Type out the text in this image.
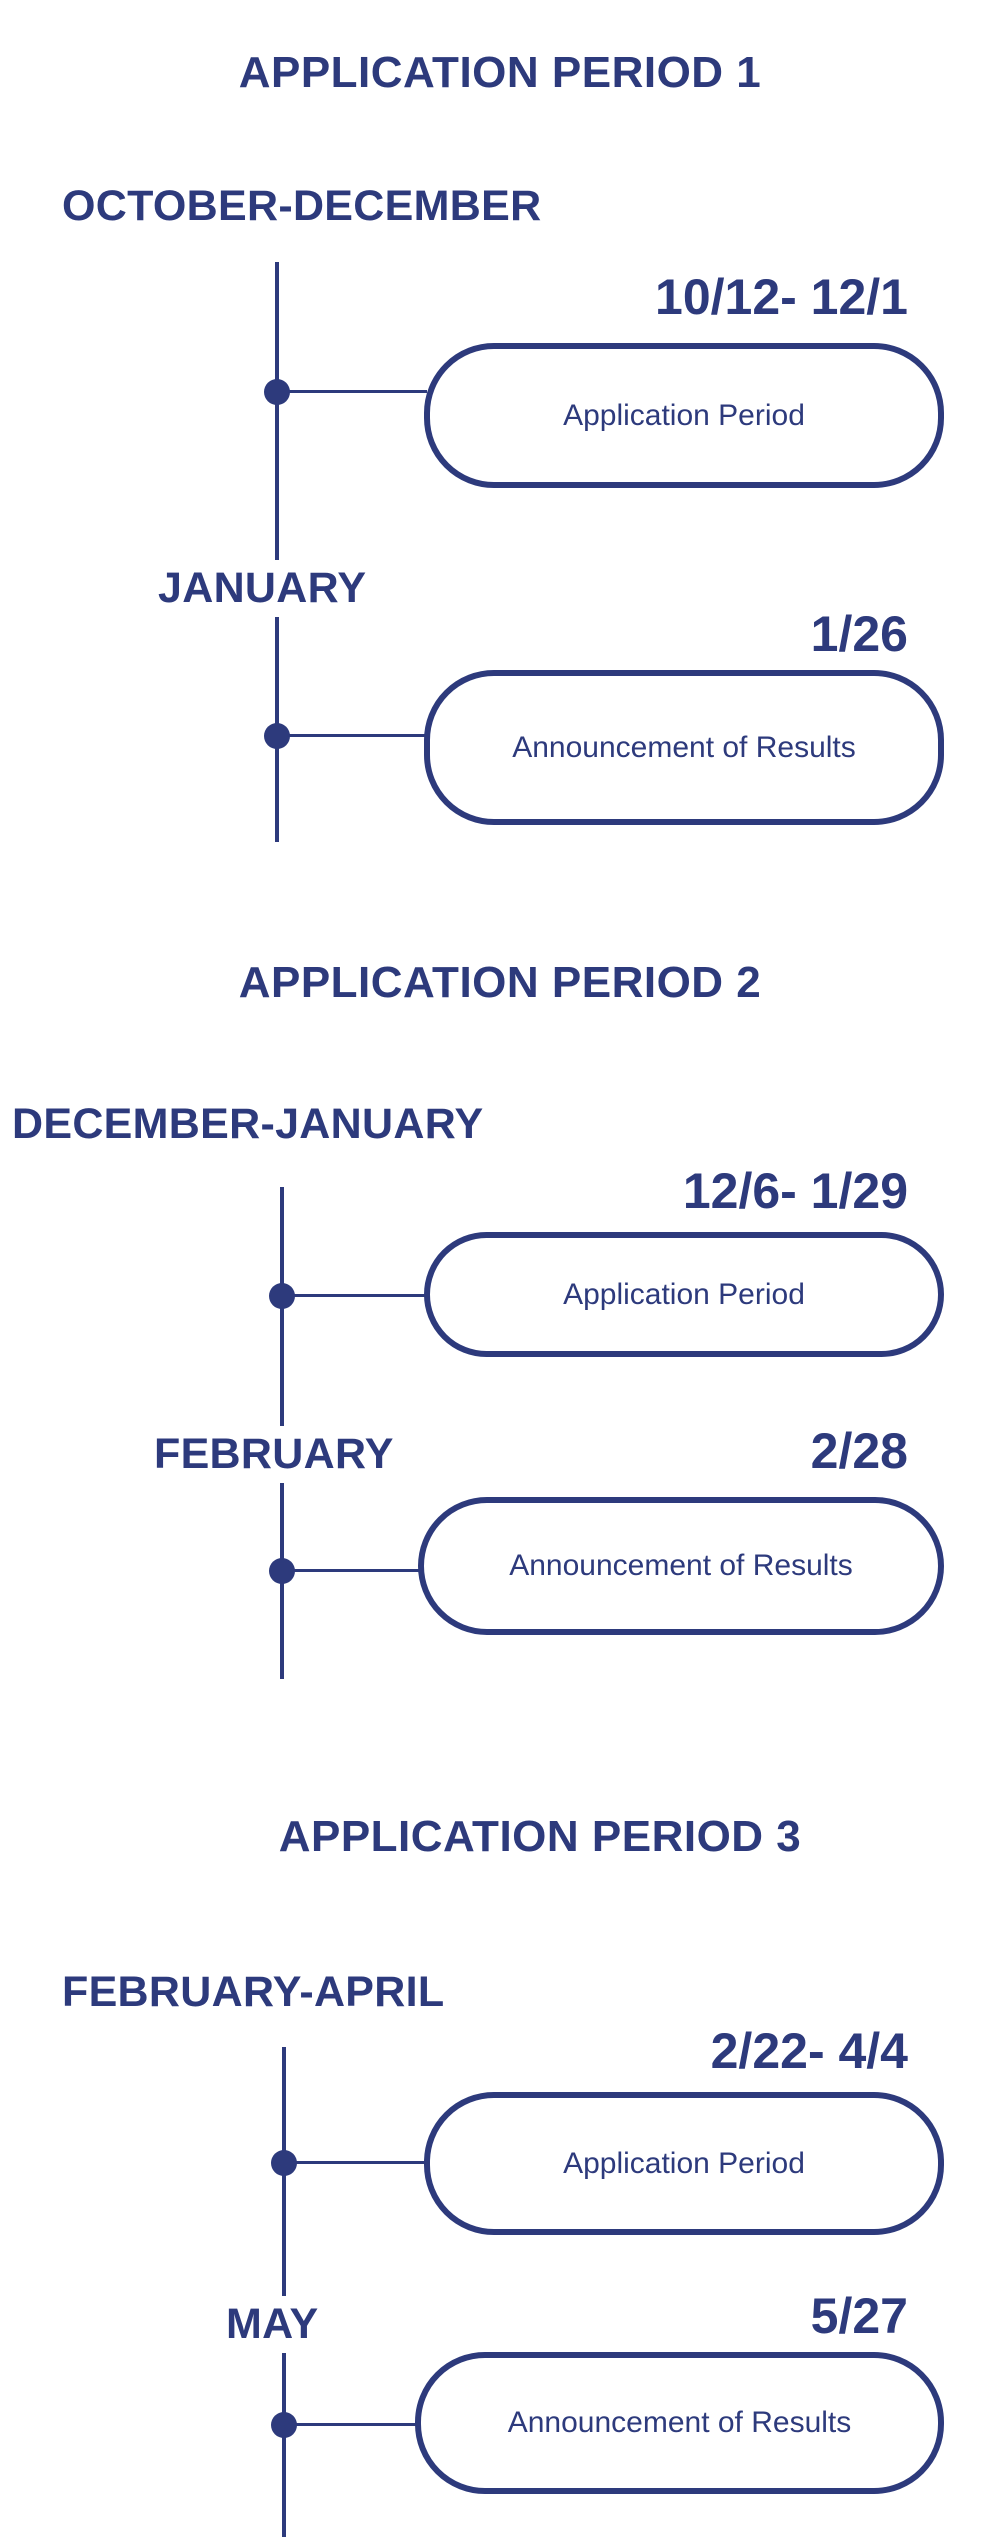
APPLICATION PERIOD 1
OCTOBER-DECEMBER
10/12- 12/1
Application Period
JANUARY
1/26
Announcement of Results
APPLICATION PERIOD 2
DECEMBER-JANUARY
12/6- 1/29
Application Period
FEBRUARY	2/28
Announcement of Results
APPLICATION PERIOD 3
FEBRUARY-APRIL
2/22- 4/4
Application Period
MAY	5/27
Announcement of Results
